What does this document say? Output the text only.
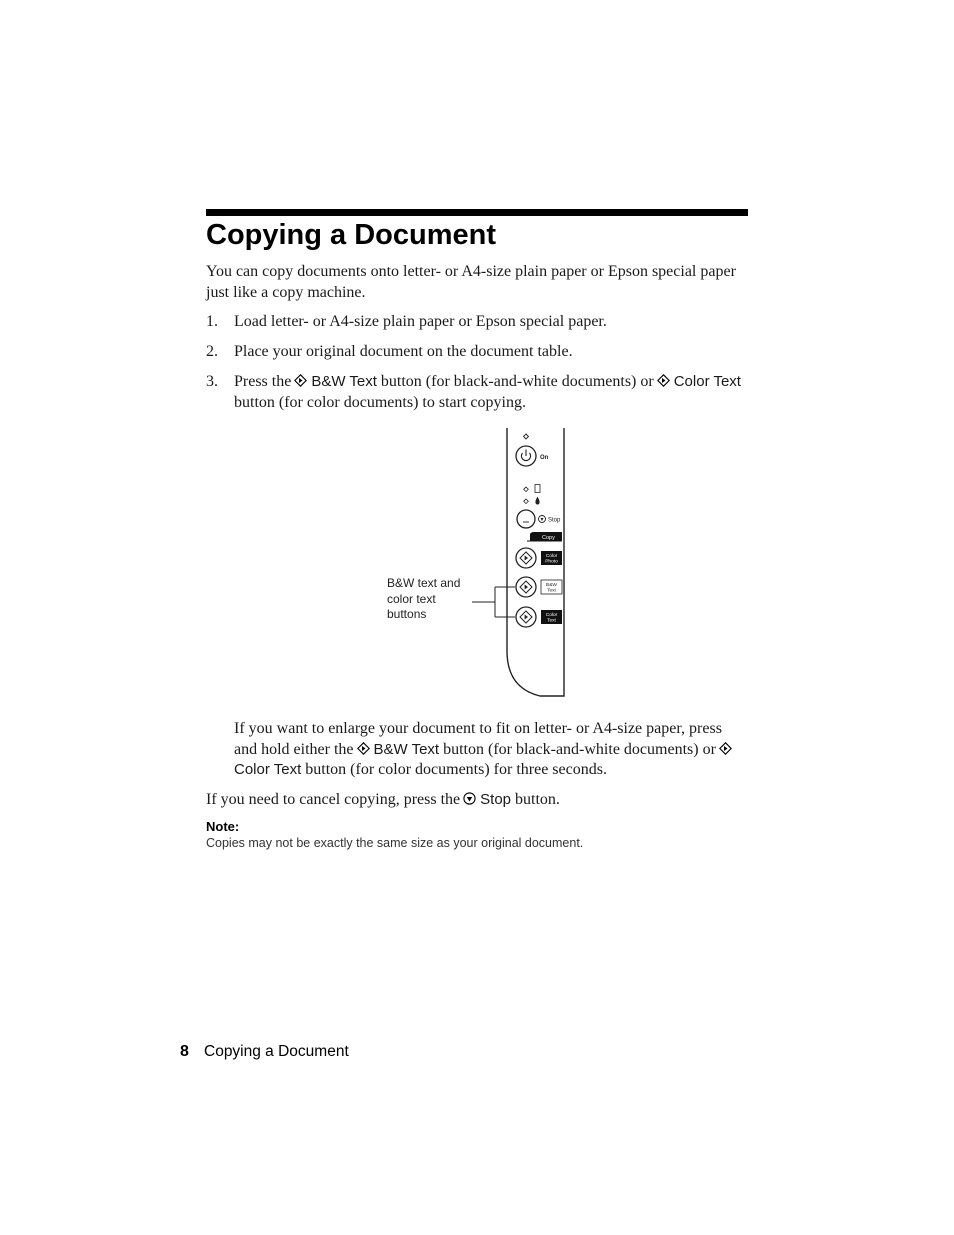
Copying a Document

You can copy documents onto letter- or A4-size plain paper or Epson special paper just like a copy machine.

1. Load letter- or A4-size plain paper or Epson special paper.
2. Place your original document on the document table.
3. Press the B&W Text button (for black-and-white documents) or Color Text button (for color documents) to start copying.
B&W text and color text buttons
On
Stop
Copy
Color
Photo
B&W
Text
Color
Text

If you want to enlarge your document to fit on letter- or A4-size paper, press and hold either the B&W Text button (for black-and-white documents) orColor Text button (for color documents) for three seconds.

If you need to cancel copying, press the Stop button.

Note:
Copies may not be exactly the same size as your original document.
8 Copying a Document
